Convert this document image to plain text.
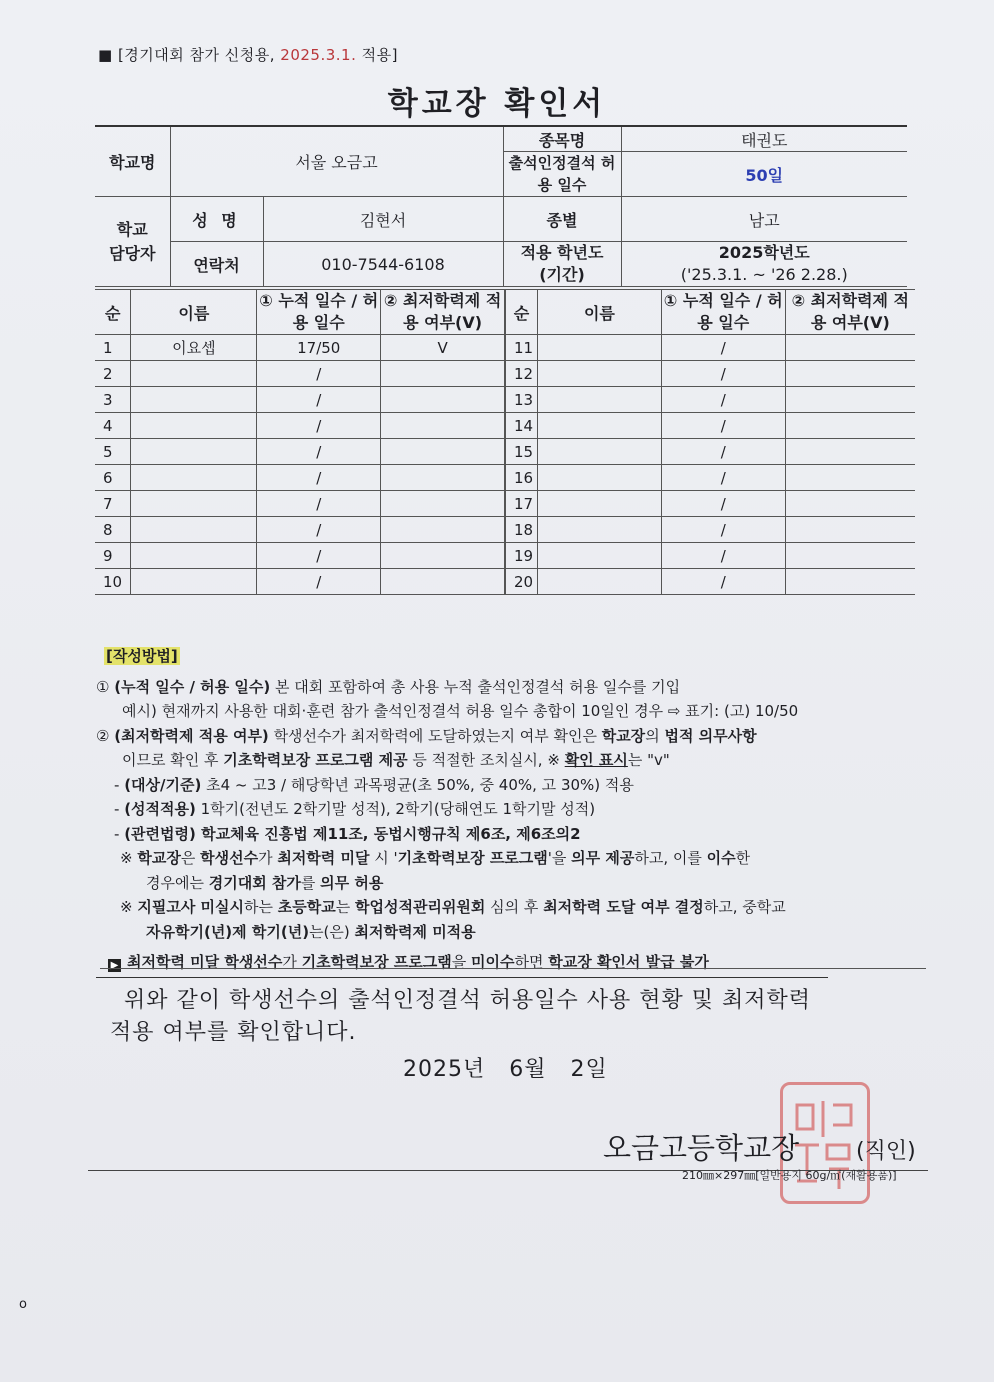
■ [경기대회 참가 신청용, 2025.3.1. 적용]
학교장 확인서
학교명	서울 오금고		종목명	태권도
			출석인정결석 허용 일수	50일
학교 담당자	성 명	김현서	종별	남고
	연락처	010-7544-6108	적용 학년도 (기간)	2025학년도
('25.3.1. ~ '26 2.28.)
순	이름	① 누적 일수 / 허용 일수	② 최저학력제 적용 여부(V)
1	이요셉	17/50	V
2		/	
3		/	
4		/	
5		/	
6		/	
7		/	
8		/	
9		/	
10		/	
순	이름	① 누적 일수 / 허용 일수	② 최저학력제 적용 여부(V)
11		/	
12		/	
13		/	
14		/	
15		/	
16		/	
17		/	
18		/	
19		/	
20		/	
[작성방법]
① (누적 일수 / 허용 일수) 본 대회 포함하여 총 사용 누적 출석인정결석 허용 일수를 기입
예시) 현재까지 사용한 대회·훈련 참가 출석인정결석 허용 일수 총합이 10일인 경우 ⇨ 표기: (고) 10/50
② (최저학력제 적용 여부) 학생선수가 최저학력에 도달하였는지 여부 확인은 학교장의 법적 의무사항
이므로 확인 후 기초학력보장 프로그램 제공 등 적절한 조치실시, ※ 확인 표시는 "v"
- (대상/기준) 초4 ~ 고3 / 해당학년 과목평균(초 50%, 중 40%, 고 30%) 적용
- (성적적용) 1학기(전년도 2학기말 성적), 2학기(당해연도 1학기말 성적)
- (관련법령) 학교체육 진흥법 제11조, 동법시행규칙 제6조, 제6조의2
※ 학교장은 학생선수가 최저학력 미달 시 '기초학력보장 프로그램'을 의무 제공하고, 이를 이수한
경우에는 경기대회 참가를 의무 허용
※ 지필고사 미실시하는 초등학교는 학업성적관리위원회 심의 후 최저학력 도달 여부 결정하고, 중학교
자유학기(년)제 학기(년)는(은) 최저학력제 미적용
▶ 최저학력 미달 학생선수가 기초학력보장 프로그램을 미이수하면 학교장 확인서 발급 불가
위와 같이 학생선수의 출석인정결석 허용일수 사용 현황 및 최저학력
적용 여부를 확인합니다.
2025년   6월   2일
오금고등학교장	(직인)
210㎜×297㎜[일반용지 60g/㎡(재활용품)]
o
